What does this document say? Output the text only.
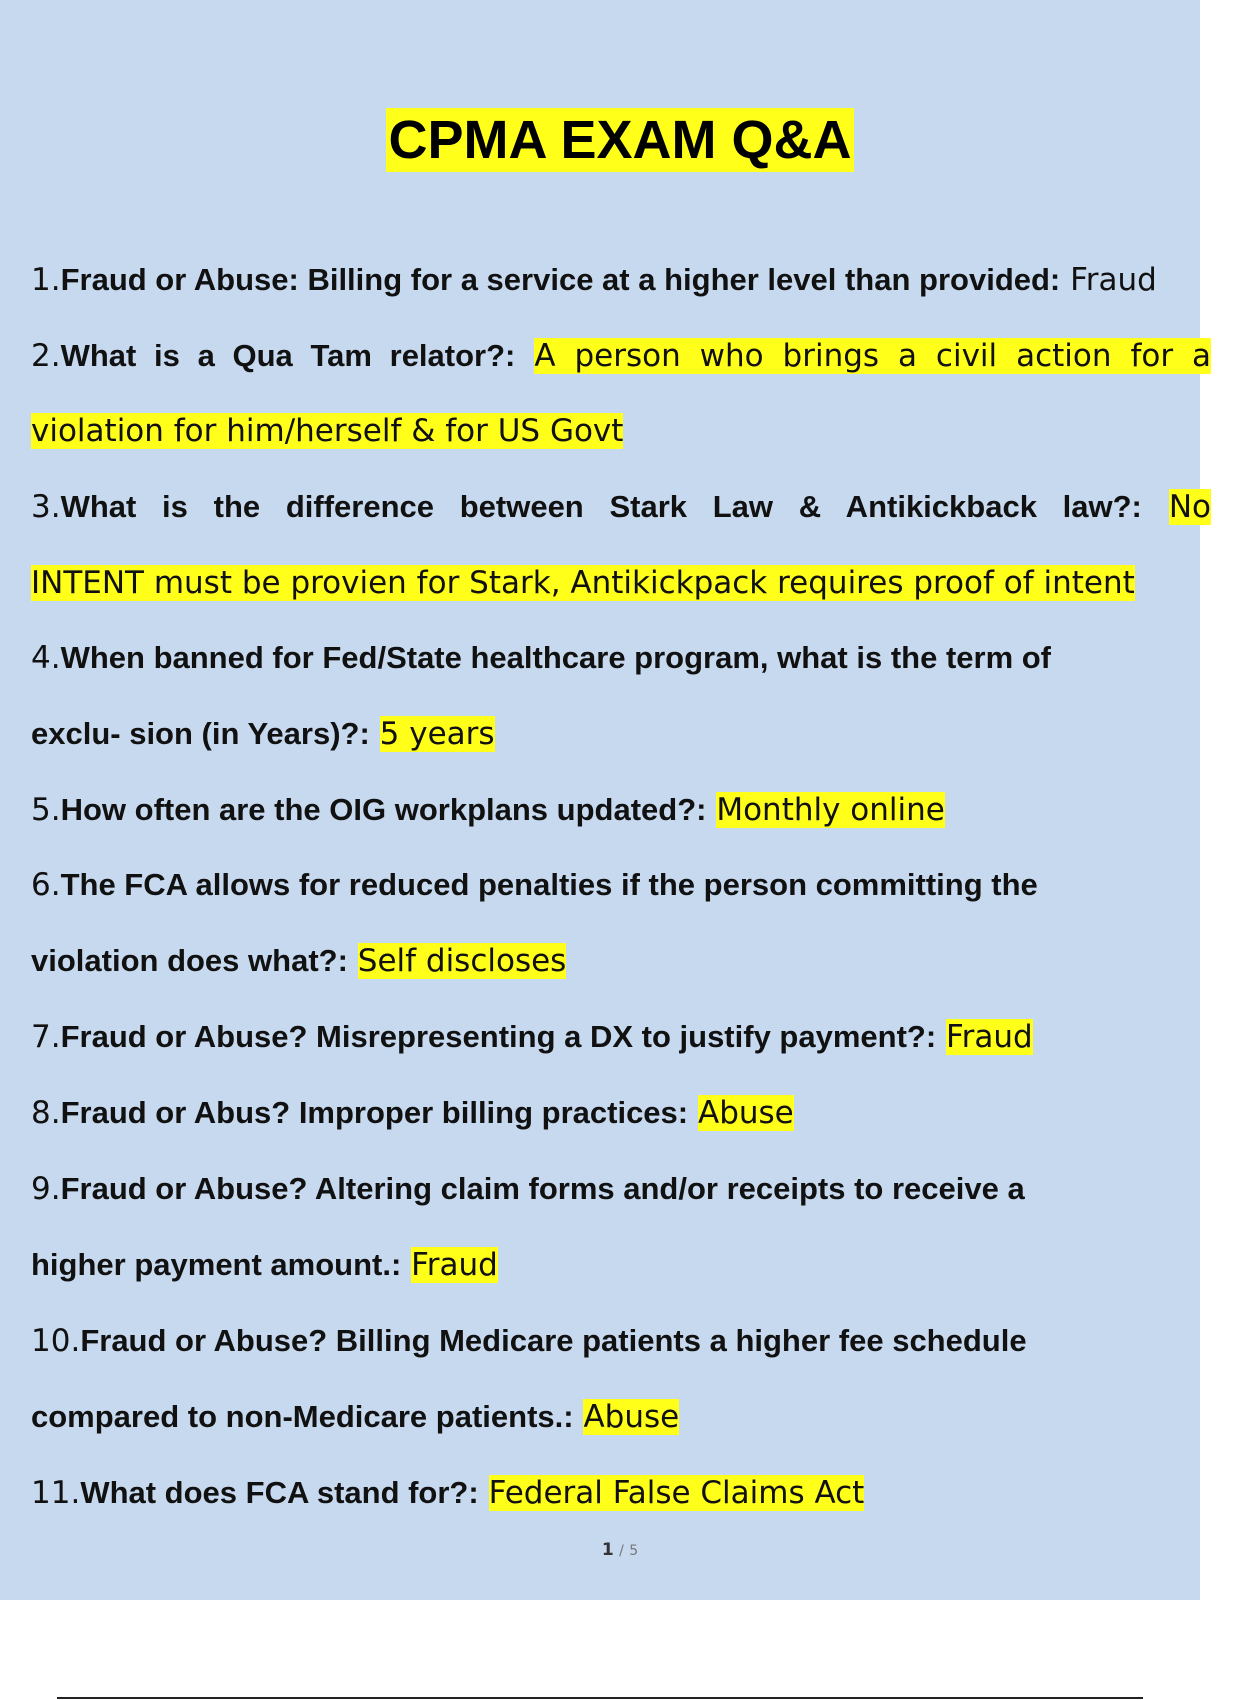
CPMA EXAM Q&A
1.Fraud or Abuse: Billing for a service at a higher level than provided: Fraud
2.What is a Qua Tam relator?: A person who brings a civil action for a
violation for him/herself & for US Govt
3.What is the difference between Stark Law & Antikickback law?: No
INTENT must be provien for Stark, Antikickpack requires proof of intent
4.When banned for Fed/State healthcare program, what is the term of
exclu- sion (in Years)?: 5 years
5.How often are the OIG workplans updated?: Monthly online
6.The FCA allows for reduced penalties if the person committing the
violation does what?: Self discloses
7.Fraud or Abuse? Misrepresenting a DX to justify payment?: Fraud
8.Fraud or Abus? Improper billing practices: Abuse
9.Fraud or Abuse? Altering claim forms and/or receipts to receive a
higher payment amount.: Fraud
10.Fraud or Abuse? Billing Medicare patients a higher fee schedule
compared to non-Medicare patients.: Abuse
11.What does FCA stand for?: Federal False Claims Act
1 / 5
